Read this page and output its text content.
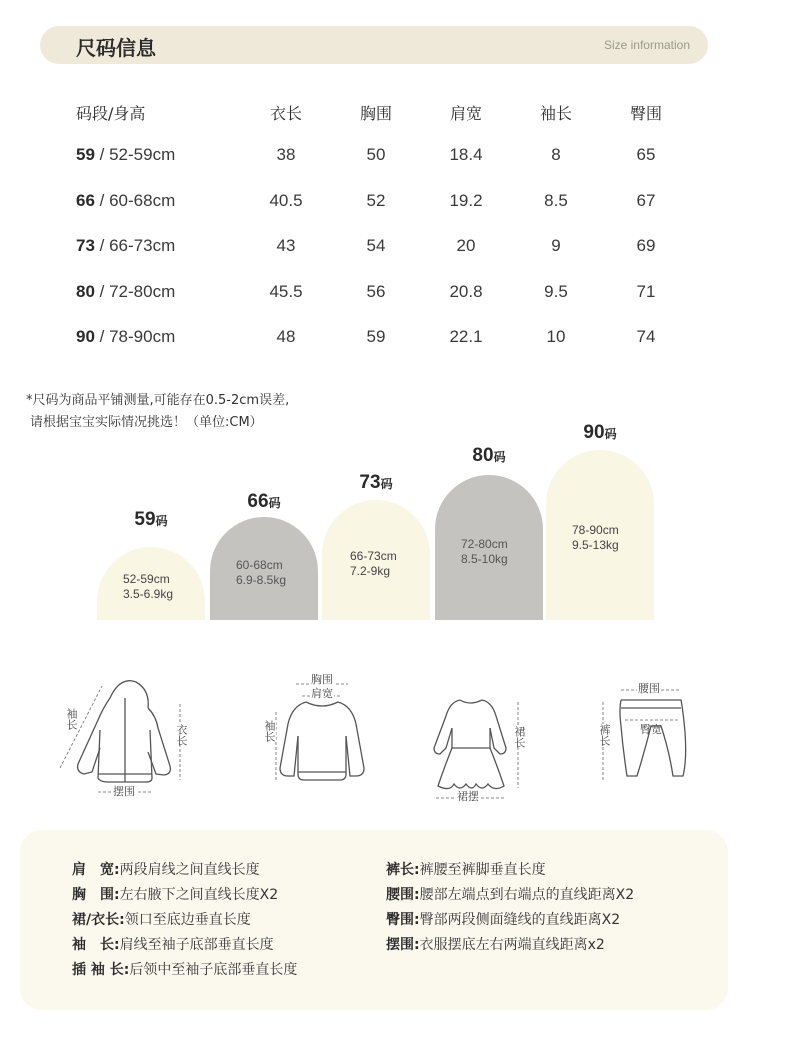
尺码信息	Size information
码段/身高	衣长	胸围	肩宽	袖长	臀围
59 / 52-59cm	38	50	18.4	8	65
66 / 60-68cm	40.5	52	19.2	8.5	67
73 / 66-73cm	43	54	20	9	69
80 / 72-80cm	45.5	56	20.8	9.5	71
90 / 78-90cm	48	59	22.1	10	74
*尺码为商品平铺测量,可能存在0.5-2cm误差,
请根据宝宝实际情况挑选！（单位:CM）
59码
52-59cm
3.5-6.9kg
66码
60-68cm
6.9-8.5kg
73码
66-73cm
7.2-9kg
80码
72-80cm
8.5-10kg
90码
78-90cm
9.5-13kg
袖长
衣长
摆围
胸围
肩宽
袖长	裙长
裙摆
腰围
臀宽
裤长
肩　宽:两段肩线之间直线长度
胸　围:左右腋下之间直线长度X2
裙/衣长:领口至底边垂直长度
袖　长:肩线至袖子底部垂直长度
插 袖 长:后领中至袖子底部垂直长度
裤长:裤腰至裤脚垂直长度
腰围:腰部左端点到右端点的直线距离X2
臀围:臀部两段侧面缝线的直线距离X2
摆围:衣服摆底左右两端直线距离x2
